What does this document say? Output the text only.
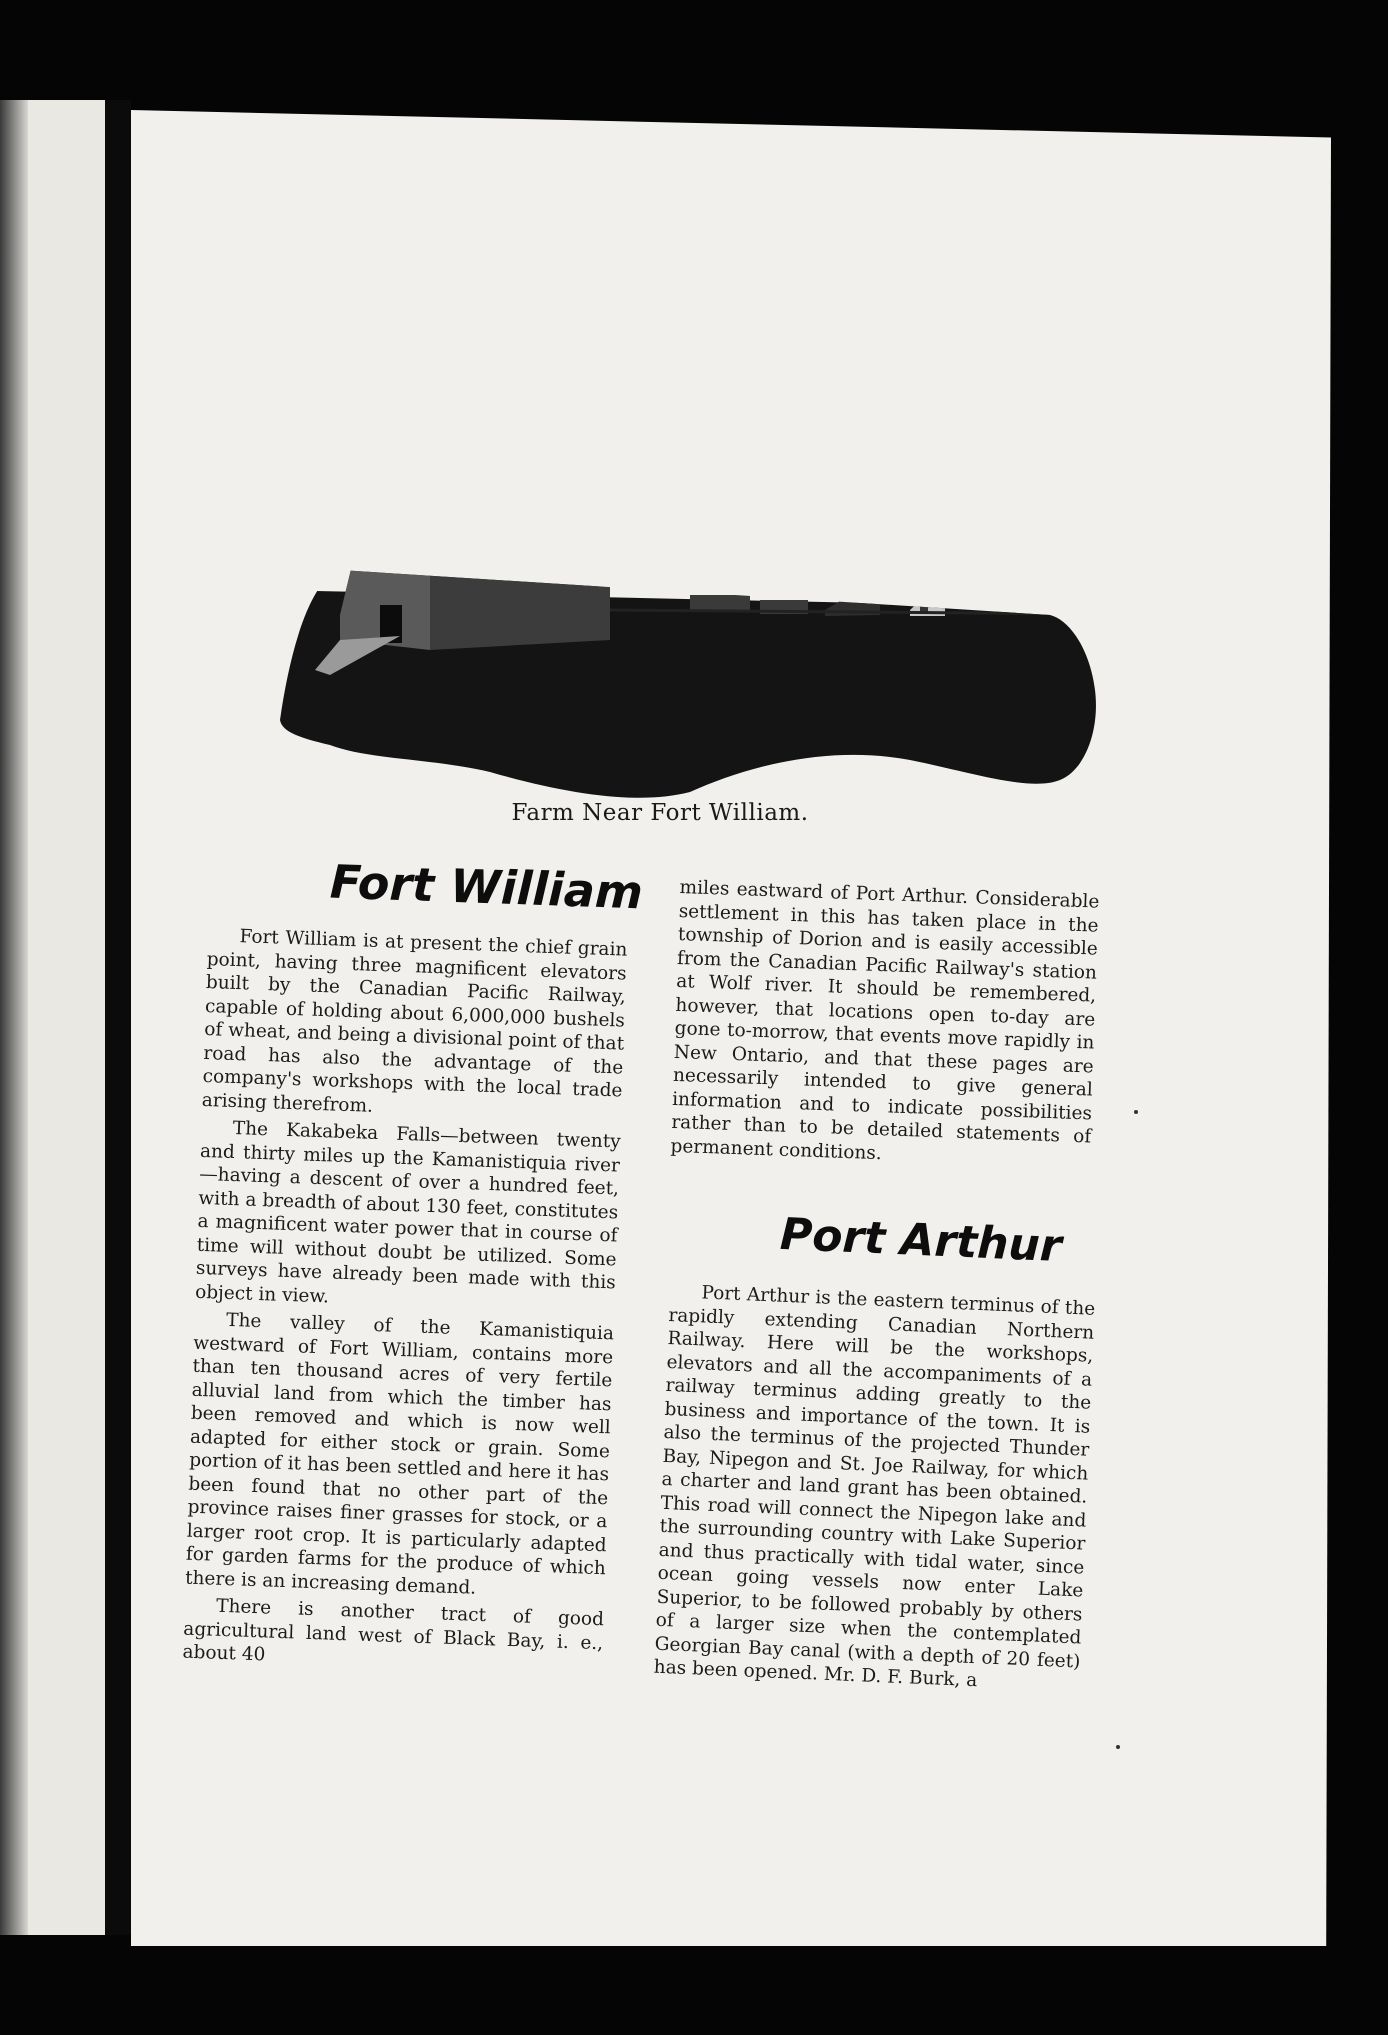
Farm Near Fort William.
Fort William

Fort William is at present the chief grain point, having three magnificent elevators built by the Canadian Pacific Railway, capable of holding about 6,000,000 bushels of wheat, and being a divisional point of that road has also the advantage of the company's workshops with the local trade arising therefrom.

The Kakabeka Falls—between twenty and thirty miles up the Kamanistiquia river—having a descent of over a hundred feet, with a breadth of about 130 feet, constitutes a magnificent water power that in course of time will without doubt be utilized. Some surveys have already been made with this object in view.

The valley of the Kamanistiquia westward of Fort William, contains more than ten thousand acres of very fertile alluvial land from which the timber has been removed and which is now well adapted for either stock or grain. Some portion of it has been settled and here it has been found that no other part of the province raises finer grasses for stock, or a larger root crop. It is particularly adapted for garden farms for the produce of which there is an increasing demand.

There is another tract of good agricultural land west of Black Bay, i. e., about 40

miles eastward of Port Arthur. Considerable settlement in this has taken place in the township of Dorion and is easily accessible from the Canadian Pacific Railway's station at Wolf river. It should be remembered, however, that locations open to-day are gone to-morrow, that events move rapidly in New Ontario, and that these pages are necessarily intended to give general information and to indicate possibilities rather than to be detailed statements of permanent conditions.

Port Arthur

Port Arthur is the eastern terminus of the rapidly extending Canadian Northern Railway. Here will be the workshops, elevators and all the accompaniments of a railway terminus adding greatly to the business and importance of the town. It is also the terminus of the projected Thunder Bay, Nipegon and St. Joe Railway, for which a charter and land grant has been obtained. This road will connect the Nipegon lake and the surrounding country with Lake Superior and thus practically with tidal water, since ocean going vessels now enter Lake Superior, to be followed probably by others of a larger size when the contemplated Georgian Bay canal (with a depth of 20 feet) has been opened. Mr. D. F. Burk, a
